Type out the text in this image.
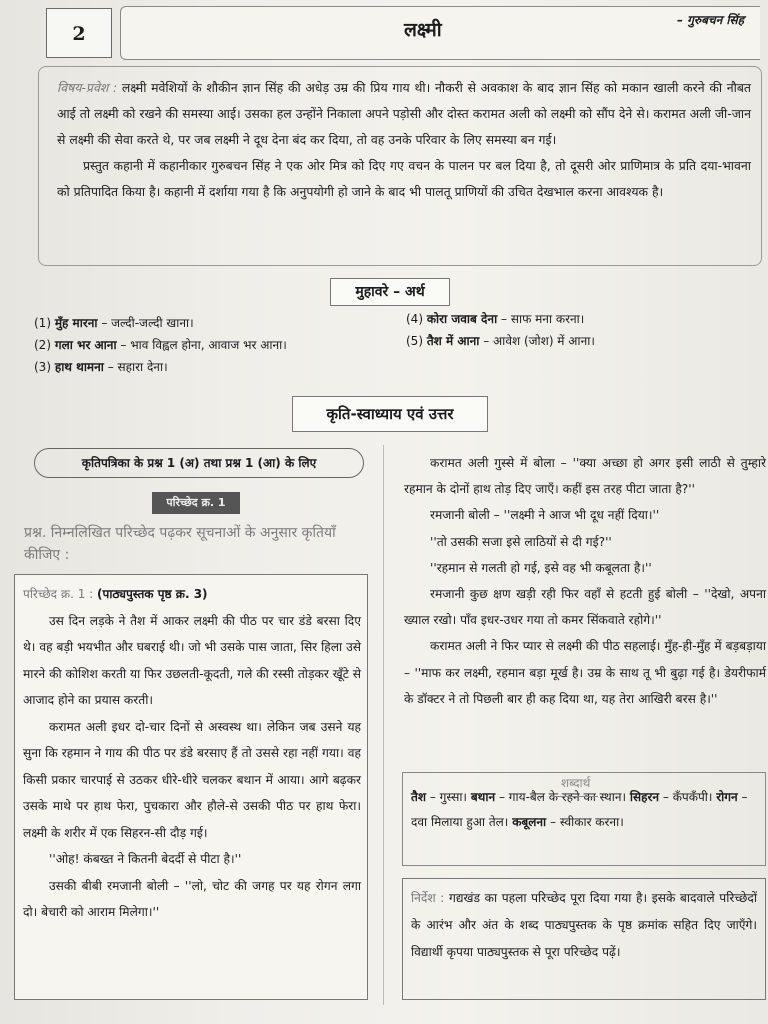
2
– गुरुबचन सिंह
लक्ष्मी

विषय-प्रवेश : लक्ष्मी मवेशियों के शौकीन ज्ञान सिंह की अधेड़ उम्र की प्रिय गाय थी। नौकरी से अवकाश के बाद ज्ञान सिंह को मकान खाली करने की नौबत आई तो लक्ष्मी को रखने की समस्या आई। उसका हल उन्होंने निकाला अपने पड़ोसी और दोस्त करामत अली को लक्ष्मी को सौंप देने से। करामत अली जी-जान से लक्ष्मी की सेवा करते थे, पर जब लक्ष्मी ने दूध देना बंद कर दिया, तो वह उनके परिवार के लिए समस्या बन गई।

प्रस्तुत कहानी में कहानीकार गुरुबचन सिंह ने एक ओर मित्र को दिए गए वचन के पालन पर बल दिया है, तो दूसरी ओर प्राणिमात्र के प्रति दया-भावना को प्रतिपादित किया है। कहानी में दर्शाया गया है कि अनुपयोगी हो जाने के बाद भी पालतू प्राणियों की उचित देखभाल करना आवश्यक है।

मुहावरे – अर्थ
(1) मुँह मारना – जल्दी-जल्दी खाना।
(2) गला भर आना – भाव विह्वल होना, आवाज भर आना।
(3) हाथ थामना – सहारा देना।
(4) कोरा जवाब देना – साफ मना करना।
(5) तैश में आना – आवेश (जोश) में आना।
कृति-स्वाध्याय एवं उत्तर
कृतिपत्रिका के प्रश्न 1 (अ) तथा प्रश्न 1 (आ) के लिए
परिच्छेद क्र. 1
प्रश्न. निम्नलिखित परिच्छेद पढ़कर सूचनाओं के अनुसार कृतियाँ कीजिए :
परिच्छेद क्र. 1 : (पाठ्यपुस्तक पृष्ठ क्र. 3)

उस दिन लड़के ने तैश में आकर लक्ष्मी की पीठ पर चार डंडे बरसा दिए थे। वह बड़ी भयभीत और घबराई थी। जो भी उसके पास जाता, सिर हिला उसे मारने की कोशिश करती या फिर उछलती-कूदती, गले की रस्सी तोड़कर खूँटे से आजाद होने का प्रयास करती।

करामत अली इधर दो-चार दिनों से अस्वस्थ था। लेकिन जब उसने यह सुना कि रहमान ने गाय की पीठ पर डंडे बरसाए हैं तो उससे रहा नहीं गया। वह किसी प्रकार चारपाई से उठकर धीरे-धीरे चलकर बथान में आया। आगे बढ़कर उसके माथे पर हाथ फेरा, पुचकारा और हौले-से उसकी पीठ पर हाथ फेरा। लक्ष्मी के शरीर में एक सिहरन-सी दौड़ गई।

''ओह! कंबख्त ने कितनी बेदर्दी से पीटा है।''

उसकी बीबी रमजानी बोली – ''लो, चोट की जगह पर यह रोगन लगा दो। बेचारी को आराम मिलेगा।''

करामत अली गुस्से में बोला – ''क्या अच्छा हो अगर इसी लाठी से तुम्हारे रहमान के दोनों हाथ तोड़ दिए जाएँ। कहीं इस तरह पीटा जाता है?''

रमजानी बोली – ''लक्ष्मी ने आज भी दूध नहीं दिया।''

''तो उसकी सजा इसे लाठियों से दी गई?''

''रहमान से गलती हो गई, इसे वह भी कबूलता है।''

रमजानी कुछ क्षण खड़ी रही फिर वहाँ से हटती हुई बोली – ''देखो, अपना ख्याल रखो। पाँव इधर-उधर गया तो कमर सिंकवाते रहोगे।''

करामत अली ने फिर प्यार से लक्ष्मी की पीठ सहलाई। मुँह-ही-मुँह में बड़बड़ाया – ''माफ कर लक्ष्मी, रहमान बड़ा मूर्ख है। उम्र के साथ तू भी बुढ़ा गई है। डेयरीफार्म के डॉक्टर ने तो पिछली बार ही कह दिया था, यह तेरा आखिरी बरस है।''

शब्दार्थ
तैश – गुस्सा। बथान – गाय-बैल के रहने का स्थान। सिहरन – कँपकँपी। रोगन – दवा मिलाया हुआ तेल। कबूलना – स्वीकार करना।
निर्देश : गद्यखंड का पहला परिच्छेद पूरा दिया गया है। इसके बादवाले परिच्छेदों के आरंभ और अंत के शब्द पाठ्यपुस्तक के पृष्ठ क्रमांक सहित दिए जाएँगे। विद्यार्थी कृपया पाठ्यपुस्तक से पूरा परिच्छेद पढ़ें।
